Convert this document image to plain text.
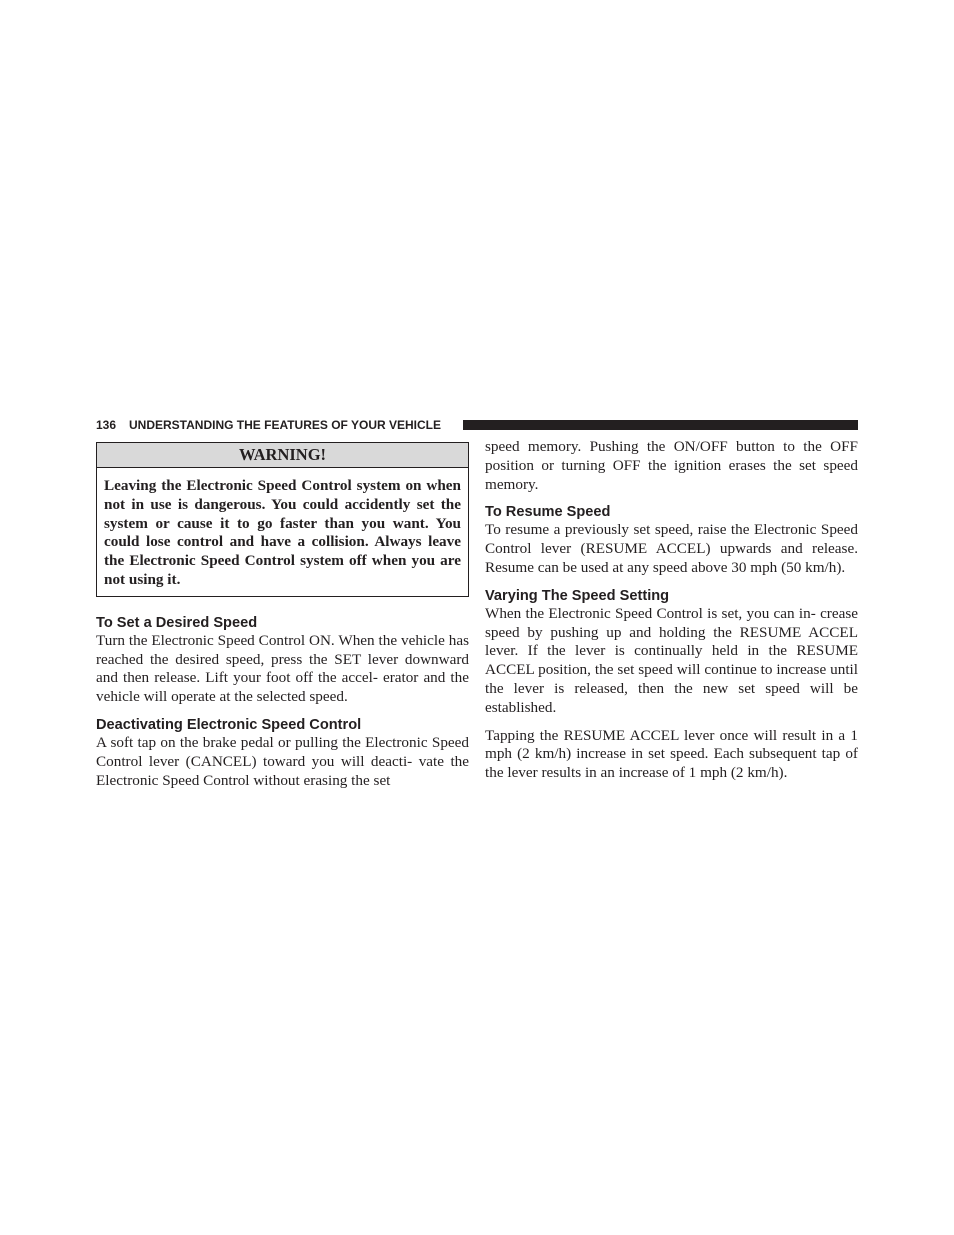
136 UNDERSTANDING THE FEATURES OF YOUR VEHICLE
WARNING!
Leaving the Electronic Speed Control system on when not in use is dangerous. You could accidently set the system or cause it to go faster than you want. You could lose control and have a collision. Always leave the Electronic Speed Control system off when you are not using it.
To Set a Desired Speed

Turn the Electronic Speed Control ON. When the vehicle has reached the desired speed, press the SET lever downward and then release. Lift your foot off the accel- erator and the vehicle will operate at the selected speed.

Deactivating Electronic Speed Control

A soft tap on the brake pedal or pulling the Electronic Speed Control lever (CANCEL) toward you will deacti- vate the Electronic Speed Control without erasing the set

speed memory. Pushing the ON/OFF button to the OFF position or turning OFF the ignition erases the set speed memory.

To Resume Speed

To resume a previously set speed, raise the Electronic Speed Control lever (RESUME ACCEL) upwards and release. Resume can be used at any speed above 30 mph (50 km/h).

Varying The Speed Setting

When the Electronic Speed Control is set, you can in- crease speed by pushing up and holding the RESUME ACCEL lever. If the lever is continually held in the RESUME ACCEL position, the set speed will continue to increase until the lever is released, then the new set speed will be established.

Tapping the RESUME ACCEL lever once will result in a 1 mph (2 km/h) increase in set speed. Each subsequent tap of the lever results in an increase of 1 mph (2 km/h).
